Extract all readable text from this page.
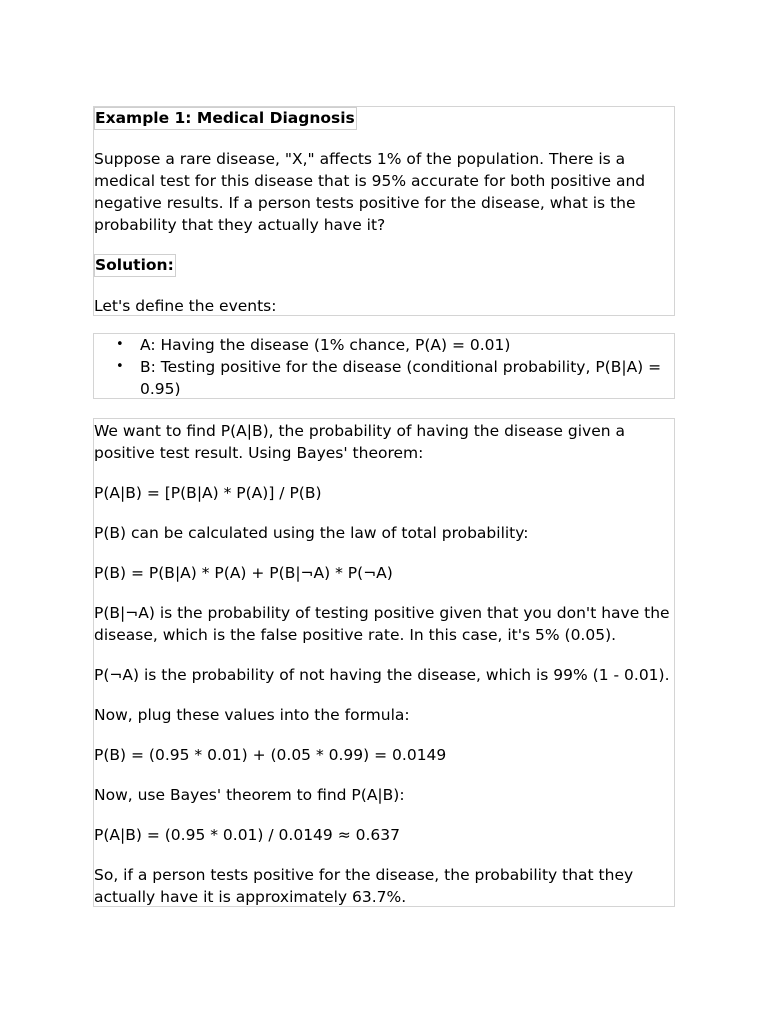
Example 1: Medical Diagnosis

Suppose a rare disease, "X," affects 1% of the population. There is a medical test for this disease that is 95% accurate for both positive and negative results. If a person tests positive for the disease, what is the probability that they actually have it?

Solution:

Let's define the events:

• A: Having the disease (1% chance, P(A) = 0.01)
• B: Testing positive for the disease (conditional probability, P(B|A) = 0.95)

We want to find P(A|B), the probability of having the disease given a positive test result. Using Bayes' theorem:

P(A|B) = [P(B|A) * P(A)] / P(B)

P(B) can be calculated using the law of total probability:

P(B) = P(B|A) * P(A) + P(B|¬A) * P(¬A)

P(B|¬A) is the probability of testing positive given that you don't have the disease, which is the false positive rate. In this case, it's 5% (0.05).

P(¬A) is the probability of not having the disease, which is 99% (1 - 0.01).

Now, plug these values into the formula:

P(B) = (0.95 * 0.01) + (0.05 * 0.99) = 0.0149

Now, use Bayes' theorem to find P(A|B):

P(A|B) = (0.95 * 0.01) / 0.0149 ≈ 0.637

So, if a person tests positive for the disease, the probability that they actually have it is approximately 63.7%.
